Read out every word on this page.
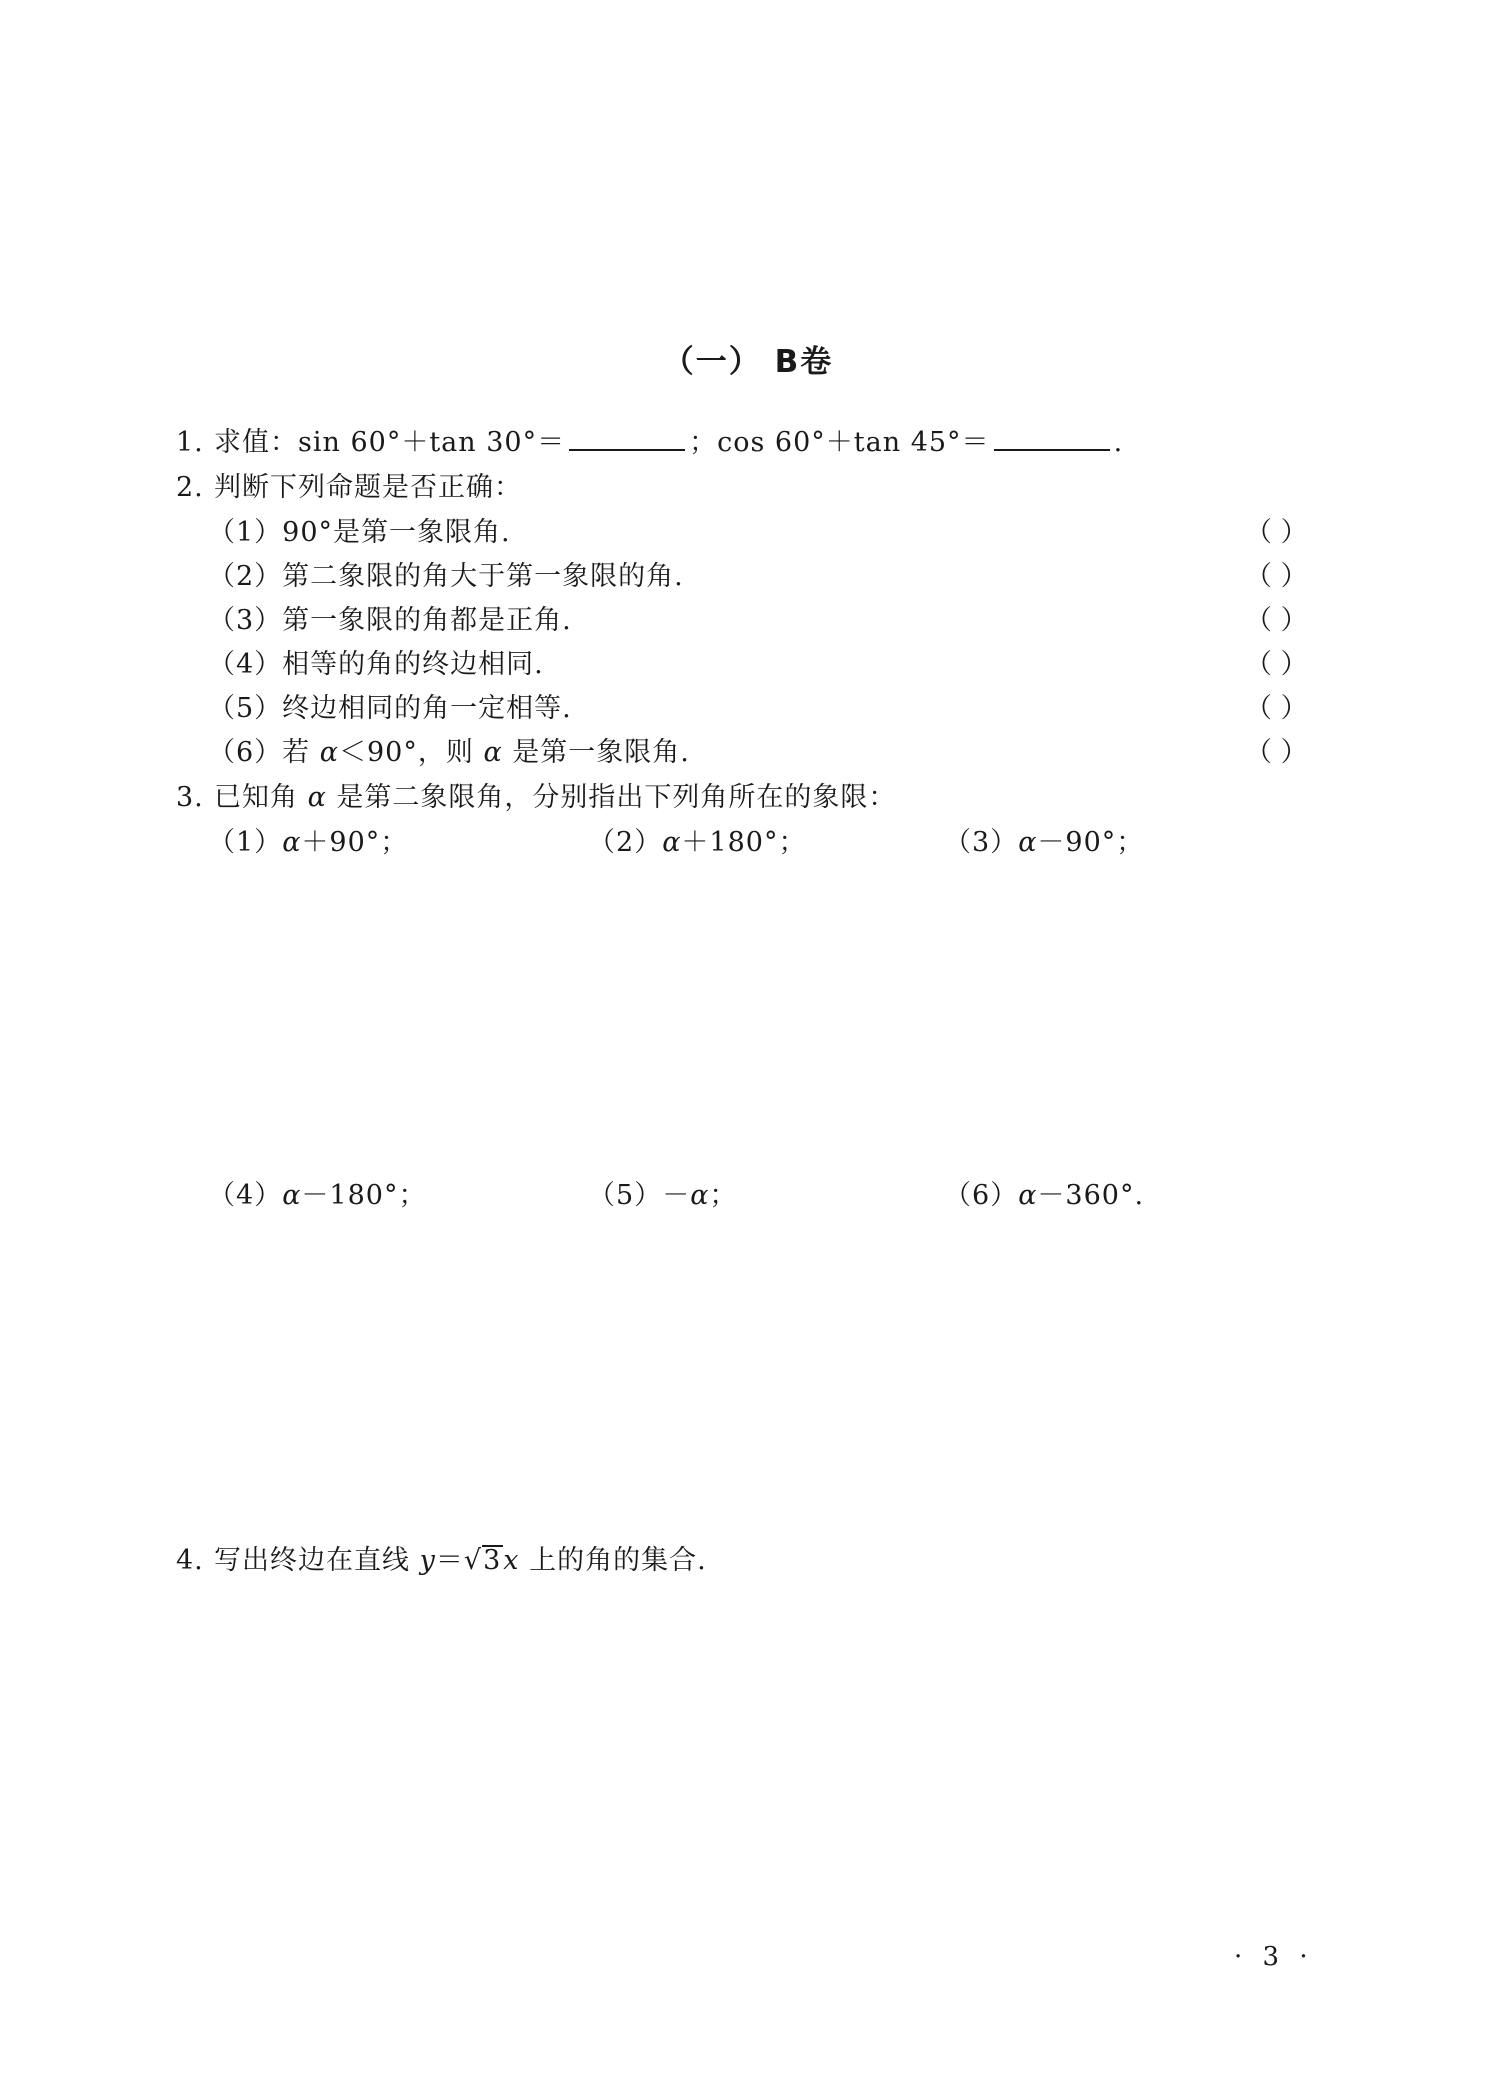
（一） B卷
1. 求值：sin 60°＋tan 30°＝	；cos 60°＋tan 45°＝	.
2. 判断下列命题是否正确：
（1）90°是第一象限角.	（ ）
（2）第二象限的角大于第一象限的角.	（ ）
（3）第一象限的角都是正角.	（ ）
（4）相等的角的终边相同.	（ ）
（5）终边相同的角一定相等.	（ ）
（6）若 α＜90°，则 α 是第一象限角.	（ ）
3. 已知角 α 是第二象限角，分别指出下列角所在的象限：
（1）α＋90°；	（2）α＋180°；	（3）α－90°；
（4）α－180°；	（5）－α；	（6）α－360°.
4. 写出终边在直线 y＝√3x 上的角的集合.
· 3 ·
